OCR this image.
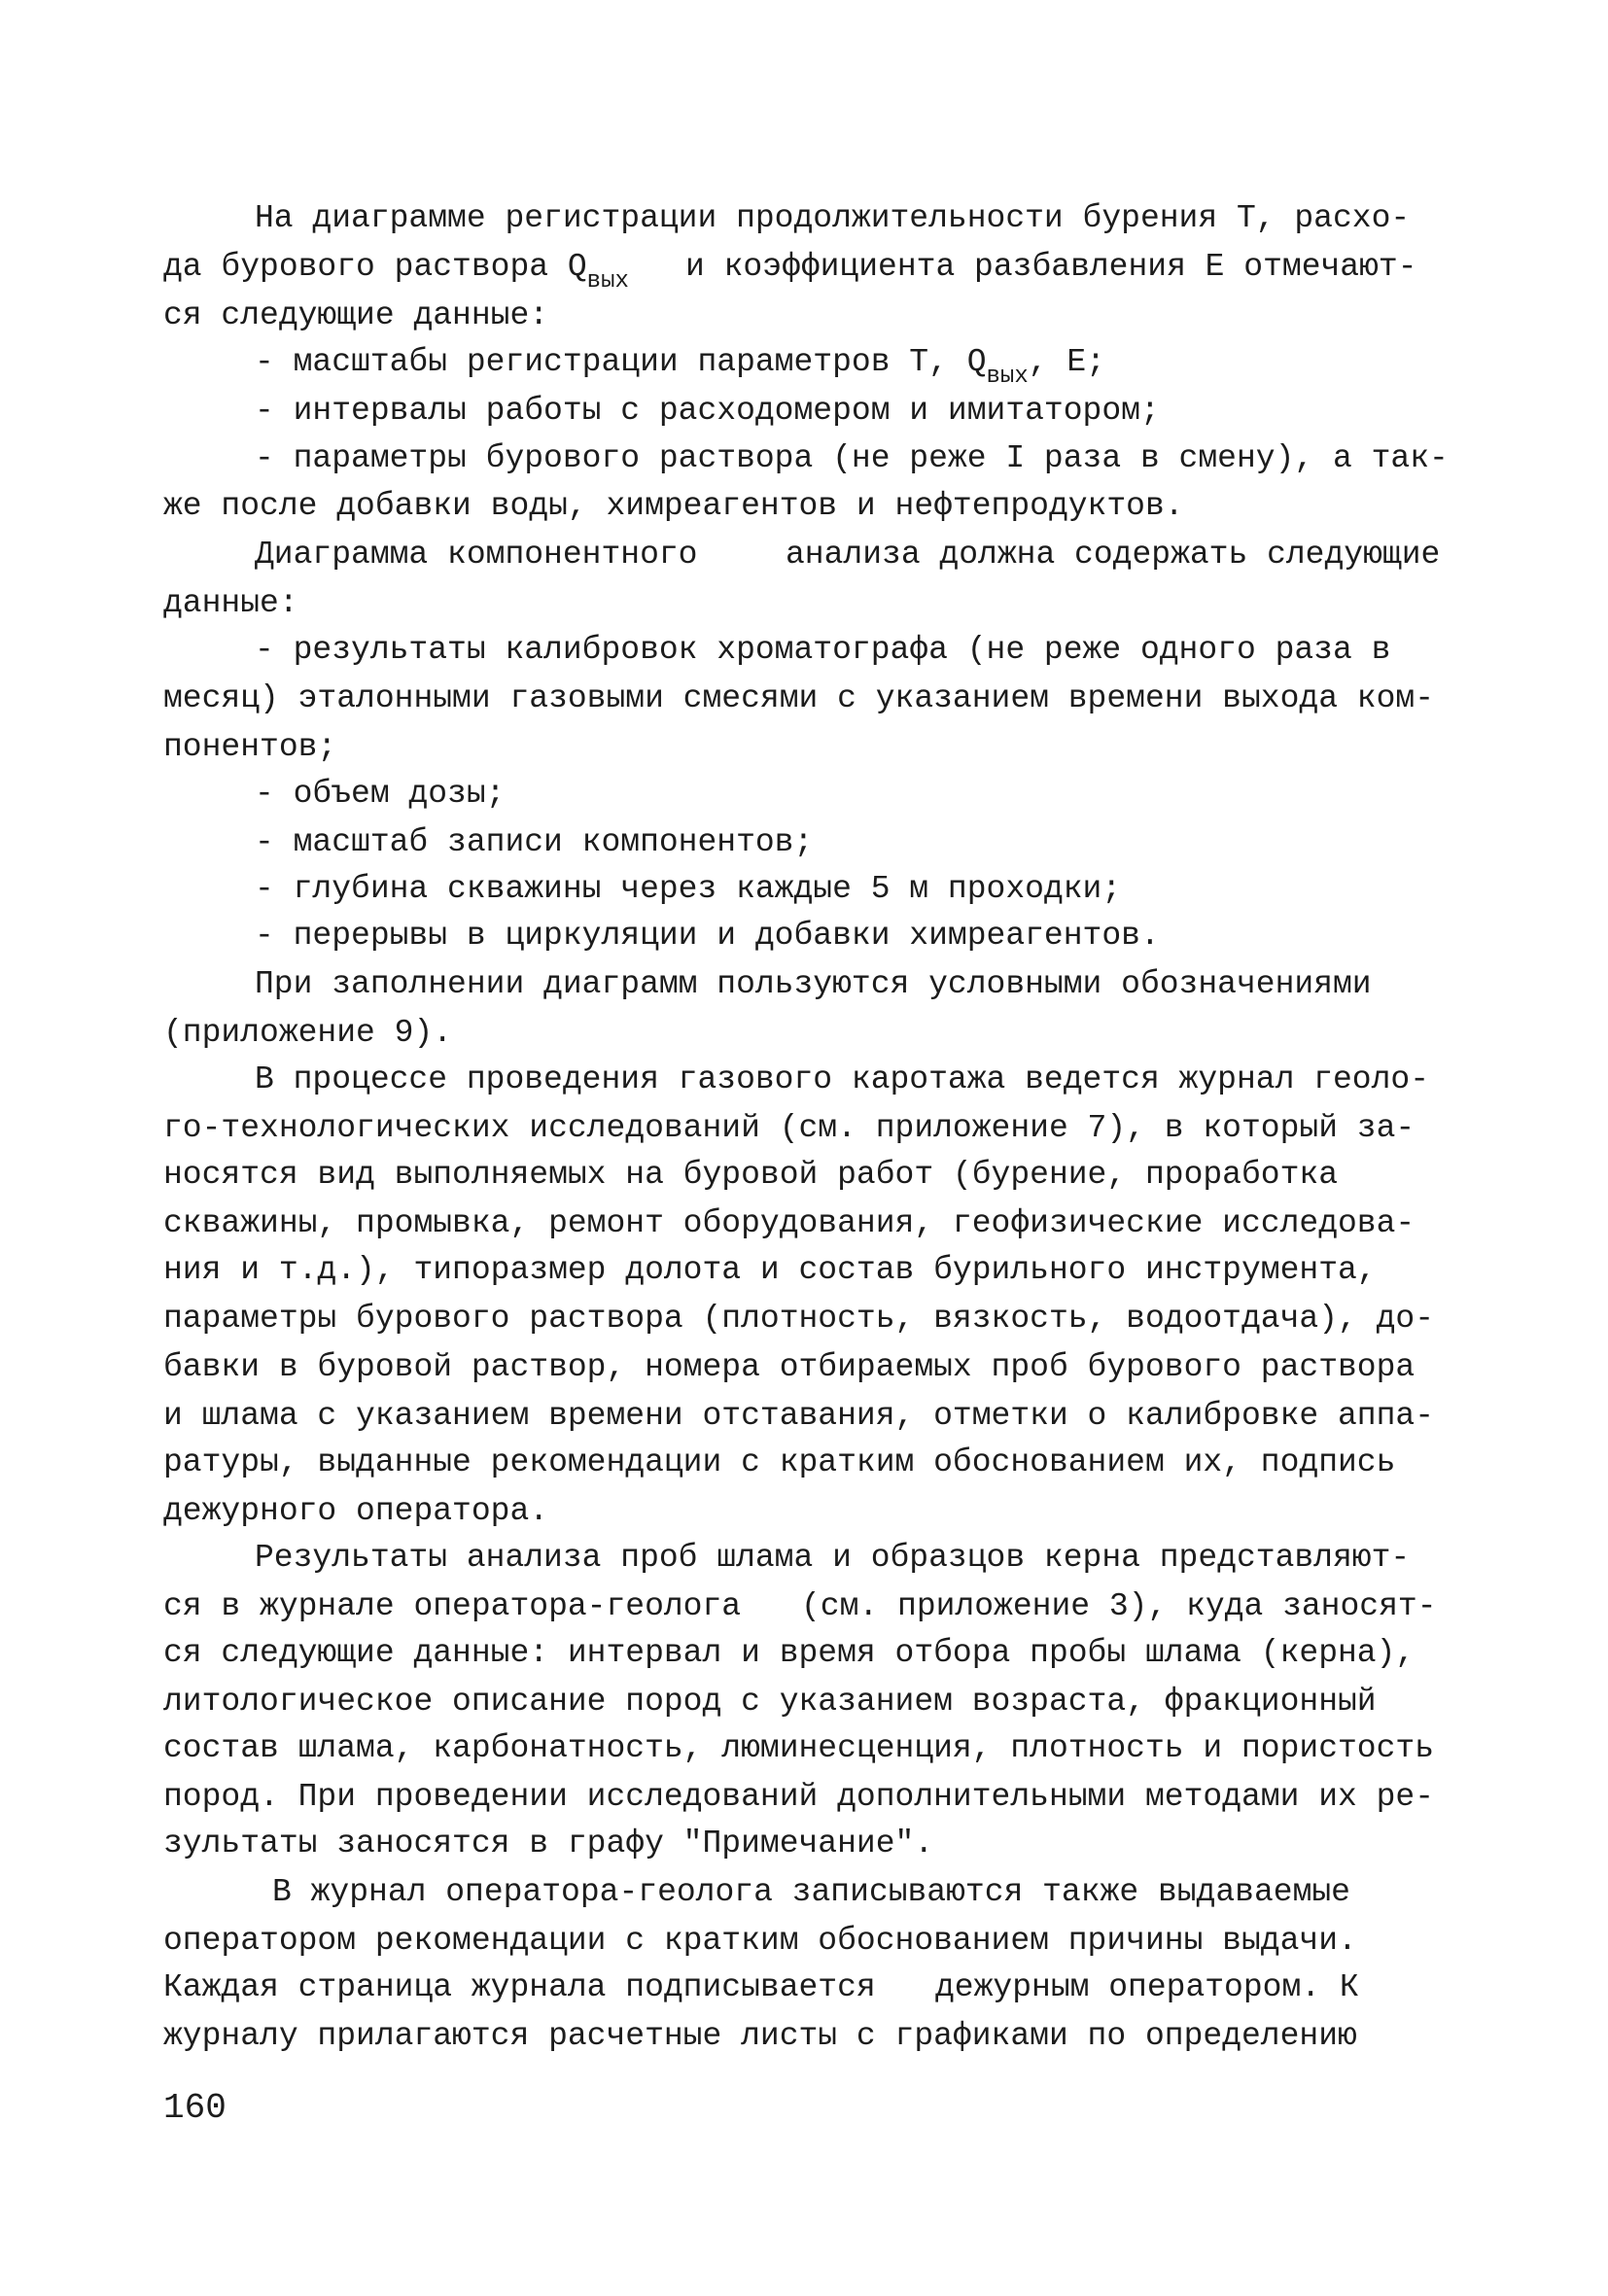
На диаграмме регистрации продолжительности бурения Т, расхо-
да бурового раствора $Q_{вых}$ и коэффициента разбавления Е отмечают-
ся следующие данные:
- масштабы регистрации параметров Т, $Q_{вых}$, Е;
- интервалы работы с расходомером и имитатором;
- параметры бурового раствора (не реже I раза в смену), а так-
же после добавки воды, химреагентов и нефтепродуктов.
Диаграмма компонентного	анализа должна содержать следующие
данные:
- результаты калибровок хроматографа (не реже одного раза в
месяц) эталонными газовыми смесями с указанием времени выхода ком-
понентов;
- объем дозы;
- масштаб записи компонентов;
- глубина скважины через каждые 5 м проходки;
- перерывы в циркуляции и добавки химреагентов.
При заполнении диаграмм пользуются условными обозначениями
(приложение 9).
В процессе проведения газового каротажа ведется журнал геоло-
го-технологических исследований (см. приложение 7), в который за-
носятся вид выполняемых на буровой работ (бурение, проработка
скважины, промывка, ремонт оборудования, геофизические исследова-
ния и т.д.), типоразмер долота и состав бурильного инструмента,
параметры бурового раствора (плотность, вязкость, водоотдача), до-
бавки в буровой раствор, номера отбираемых проб бурового раствора
и шлама с указанием времени отставания, отметки о калибровке аппа-
ратуры, выданные рекомендации с кратким обоснованием их, подпись
дежурного оператора.
Результаты анализа проб шлама и образцов керна представляют-
ся в журнале оператора-геолога (см. приложение 3), куда заносят-
ся следующие данные: интервал и время отбора пробы шлама (керна),
литологическое описание пород с указанием возраста, фракционный
состав шлама, карбонатность, люминесценция, плотность и пористость
пород. При проведении исследований дополнительными методами их ре-
зультаты заносятся в графу "Примечание".
В журнал оператора-геолога записываются также выдаваемые
оператором рекомендации с кратким обоснованием причины выдачи.
Каждая страница журнала подписывается дежурным оператором. К
журналу прилагаются расчетные листы с графиками по определению
160
